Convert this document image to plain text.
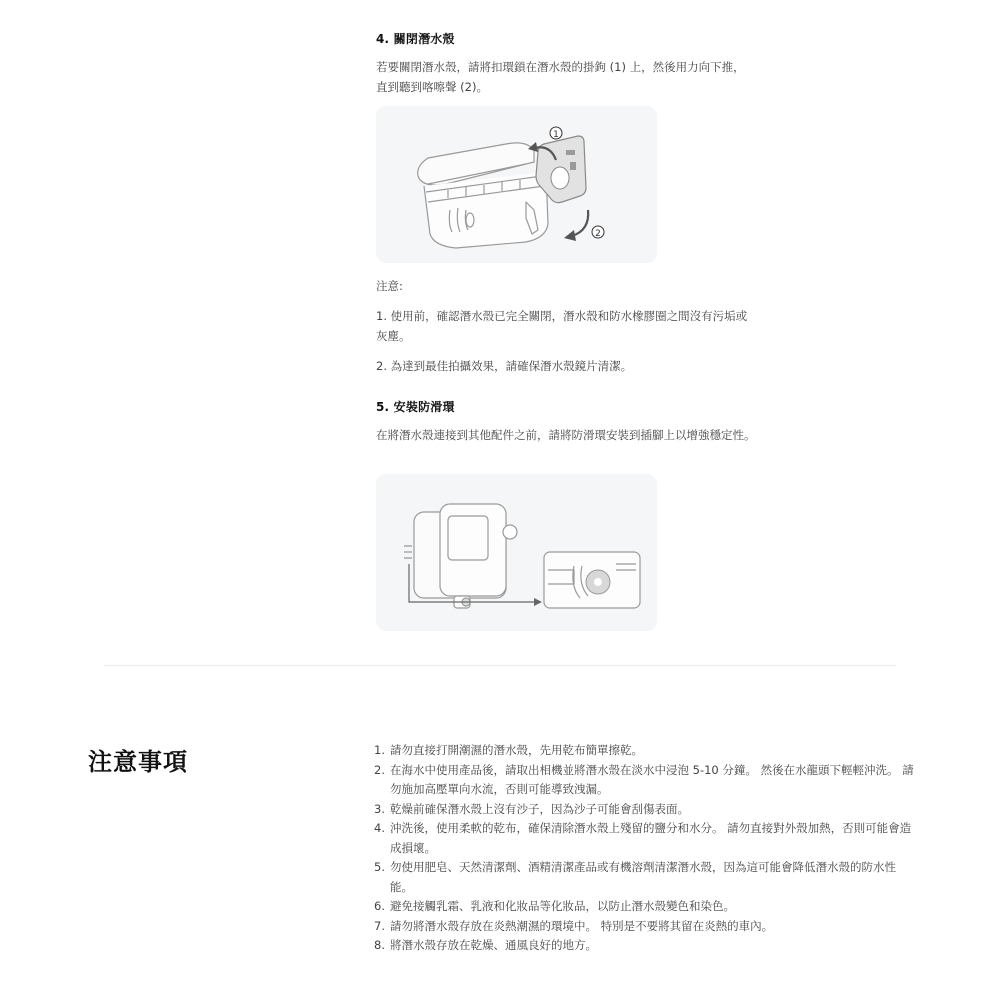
4. 關閉潛水殼
若要關閉潛水殼，請將扣環鎖在潛水殼的掛鉤 (1) 上，然後用力向下推，直到聽到喀嚓聲 (2)。
1
2
注意:
1. 使用前，確認潛水殼已完全關閉，潛水殼和防水橡膠圈之間沒有污垢或灰塵。
2. 為達到最佳拍攝效果，請確保潛水殼鏡片清潔。
5. 安裝防滑環
在將潛水殼連接到其他配件之前，請將防滑環安裝到插腳上以增強穩定性。
注意事項	1. 請勿直接打開潮濕的潛水殼，先用乾布簡單擦乾。
2. 在海水中使用產品後，請取出相機並將潛水殼在淡水中浸泡 5-10 分鐘。 然後在水龍頭下輕輕沖洗。 請勿施加高壓單向水流，否則可能導致洩漏。
3. 乾燥前確保潛水殼上沒有沙子，因為沙子可能會刮傷表面。
4. 沖洗後，使用柔軟的乾布，確保清除潛水殼上殘留的鹽分和水分。 請勿直接對外殼加熱，否則可能會造成損壞。
5. 勿使用肥皂、天然清潔劑、酒精清潔產品或有機溶劑清潔潛水殼，因為這可能會降低潛水殼的防水性能。
6. 避免接觸乳霜、乳液和化妝品等化妝品，以防止潛水殼變色和染色。
7. 請勿將潛水殼存放在炎熱潮濕的環境中。 特別是不要將其留在炎熱的車內。
8. 將潛水殼存放在乾燥、通風良好的地方。
